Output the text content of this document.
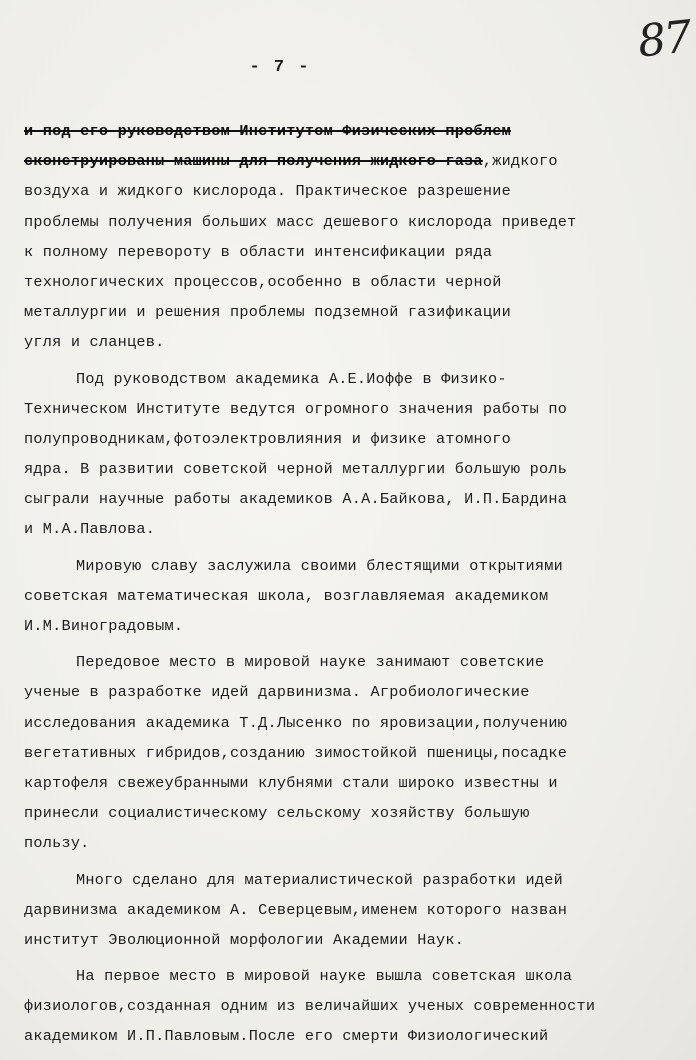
- 7 -	87
и под его руководством Институтом Физических проблем
сконструированы машины для получения жидкого газа,жидкого
воздуха и жидкого кислорода. Практическое разрешение
проблемы получения больших масс дешевого кислорода приведет
к полному перевороту в области интенсификации ряда
технологических процессов,особенно в области черной
металлургии и решения проблемы подземной газификации
угля и сланцев.
Под руководством академика А.Е.Иоффе в Физико-
Техническом Институте ведутся огромного значения работы по
полупроводникам,фотоэлектровлияния и физике атомного
ядра. В развитии советской черной металлургии большую роль
сыграли научные работы академиков А.А.Байкова, И.П.Бардина
и М.А.Павлова.
Мировую славу заслужила своими блестящими открытиями
советская математическая школа, возглавляемая академиком
И.М.Виноградовым.
Передовое место в мировой науке занимают советские
ученые в разработке идей дарвинизма. Агробиологические
исследования академика Т.Д.Лысенко по яровизации,получению
вегетативных гибридов,созданию зимостойкой пшеницы,посадке
картофеля свежеубранными клубнями стали широко известны и
принесли социалистическому сельскому хозяйству большую
пользу.
Много сделано для материалистической разработки идей
дарвинизма академиком А. Северцевым,именем которого назван
институт Эволюционной морфологии Академии Наук.
На первое место в мировой науке вышла советская школа
физиологов,созданная одним из величайших ученых современности
академиком И.П.Павловым.После его смерти Физиологический
